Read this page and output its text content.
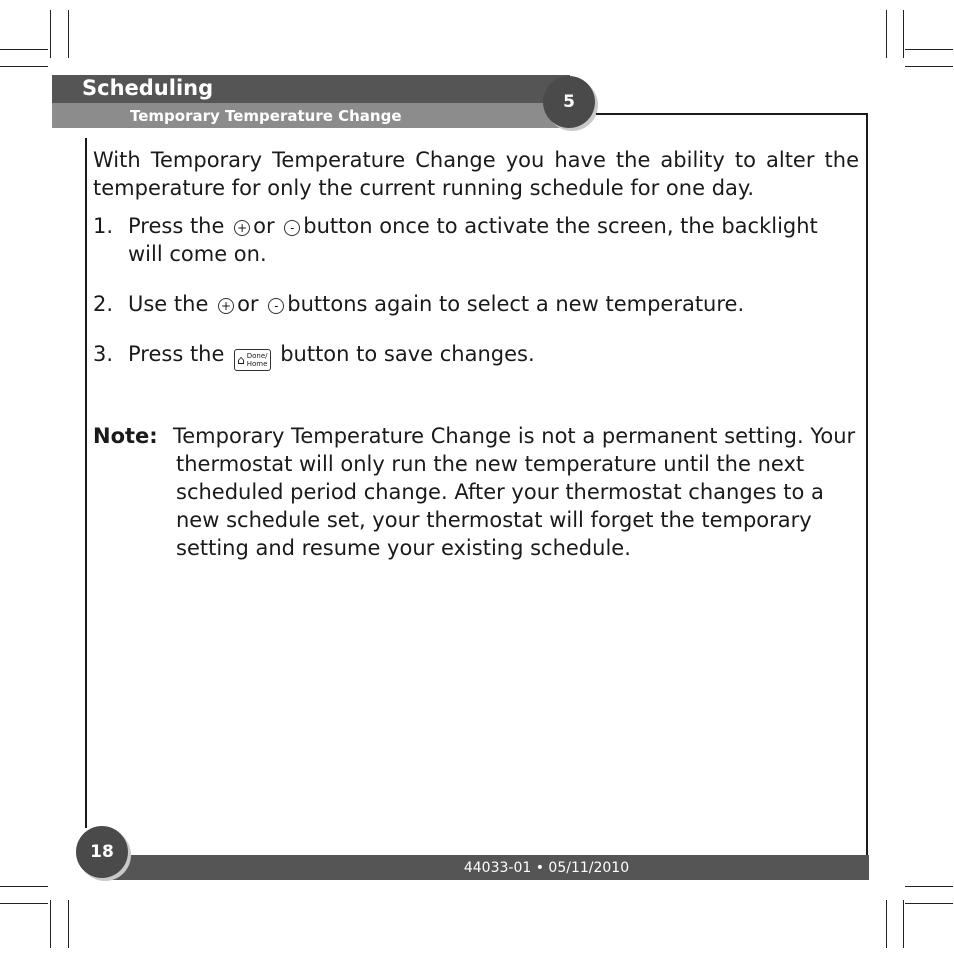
Scheduling
Temporary Temperature Change
5

With Temporary Temperature Change you have the ability to alter the temperature for only the current running schedule for one day.

1. Press the + or - button once to activate the screen, the backlight will come on.

2. Use the + or - buttons again to select a new temperature.

3. Press the ⌂ Done/
Home button to save changes.

Note: Temporary Temperature Change is not a permanent setting. Your thermostat will only run the new temperature until the next scheduled period change. After your thermostat changes to a new schedule set, your thermostat will forget the temporary setting and resume your existing schedule.

44033-01 • 05/11/2010
18
